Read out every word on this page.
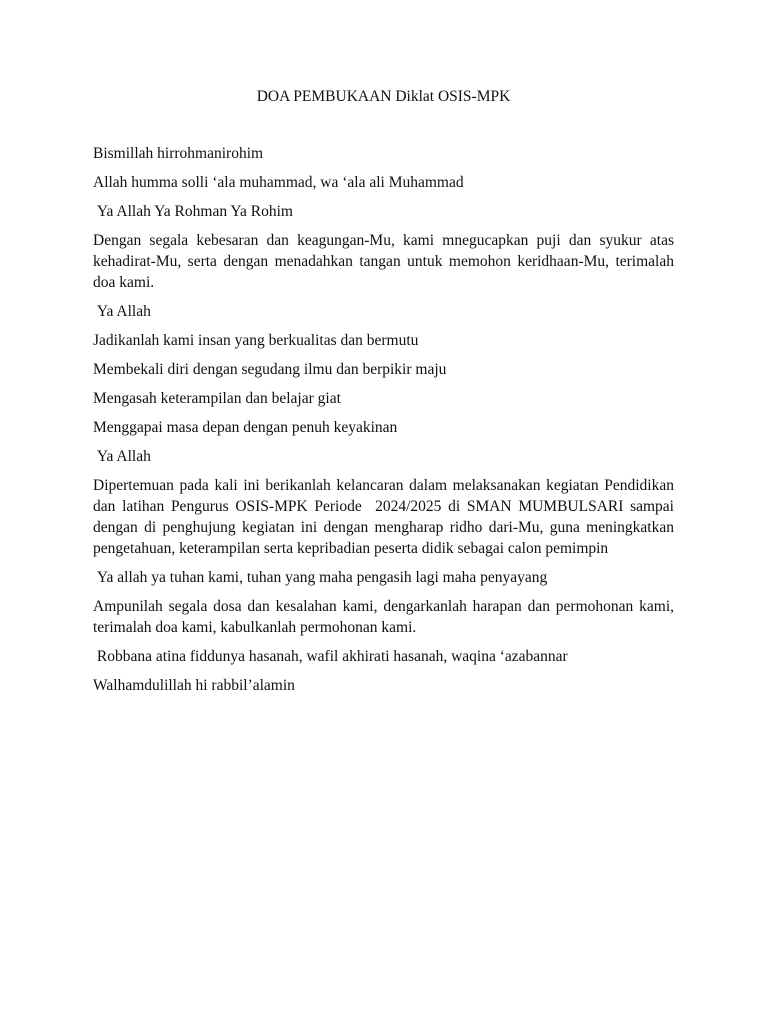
DOA PEMBUKAAN Diklat OSIS-MPK

Bismillah hirrohmanirohim

Allah humma solli ‘ala muhammad, wa ‘ala ali Muhammad

Ya Allah Ya Rohman Ya Rohim

Dengan segala kebesaran dan keagungan-Mu, kami mnegucapkan puji dan syukur atas kehadirat-Mu, serta dengan menadahkan tangan untuk memohon keridhaan-Mu, terimalah doa kami.

Ya Allah

Jadikanlah kami insan yang berkualitas dan bermutu

Membekali diri dengan segudang ilmu dan berpikir maju

Mengasah keterampilan dan belajar giat

Menggapai masa depan dengan penuh keyakinan

Ya Allah

Dipertemuan pada kali ini berikanlah kelancaran dalam melaksanakan kegiatan Pendidikan dan latihan Pengurus OSIS-MPK Periode  2024/2025 di SMAN MUMBULSARI sampai dengan di penghujung kegiatan ini dengan mengharap ridho dari-Mu, guna meningkatkan pengetahuan, keterampilan serta kepribadian peserta didik sebagai calon pemimpin

Ya allah ya tuhan kami, tuhan yang maha pengasih lagi maha penyayang

Ampunilah segala dosa dan kesalahan kami, dengarkanlah harapan dan permohonan kami, terimalah doa kami, kabulkanlah permohonan kami.

Robbana atina fiddunya hasanah, wafil akhirati hasanah, waqina ‘azabannar

Walhamdulillah hi rabbil’alamin
